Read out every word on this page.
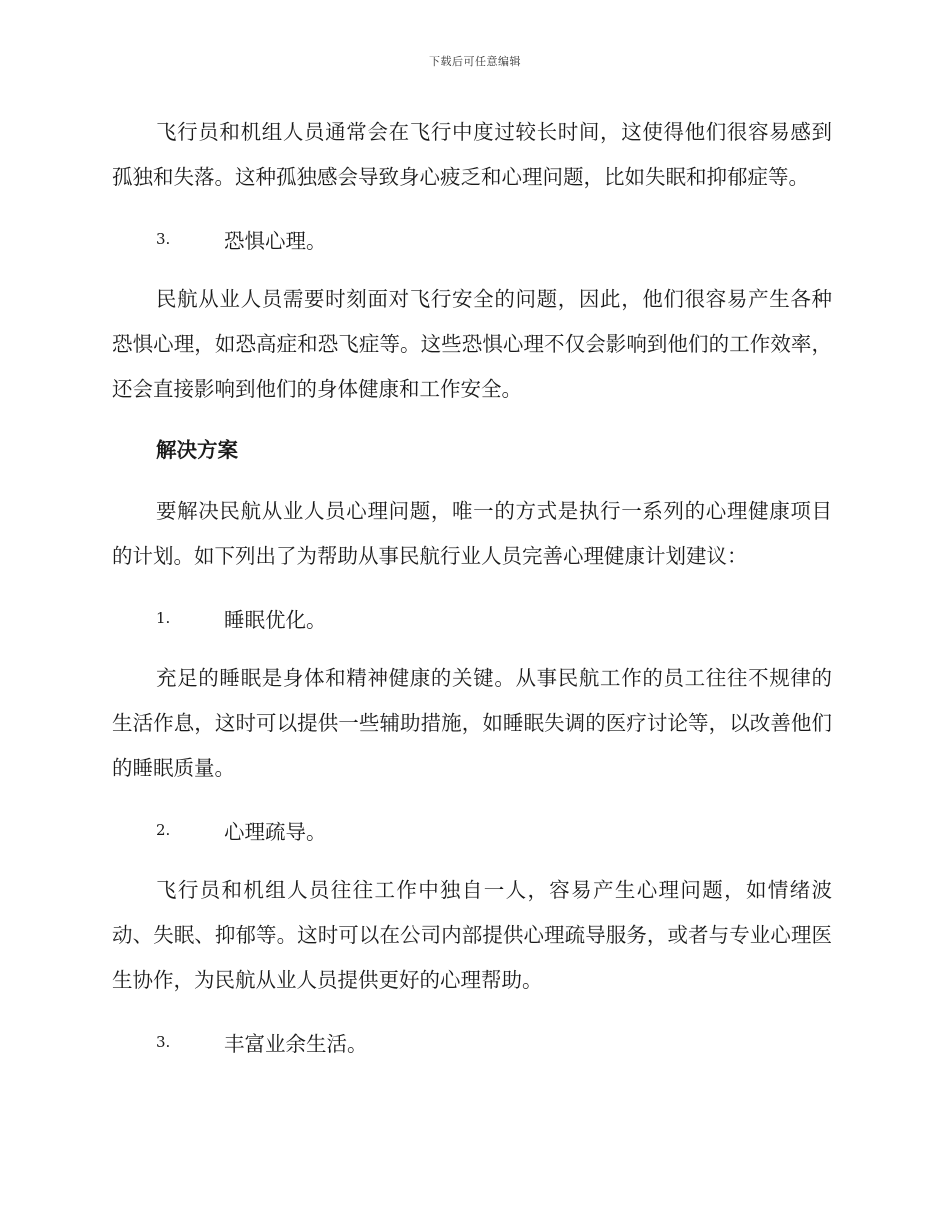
下载后可任意编辑

飞行员和机组人员通常会在飞行中度过较长时间，这使得他们很容易感到孤独和失落。这种孤独感会导致身心疲乏和心理问题，比如失眠和抑郁症等。

3.	恐惧心理。

民航从业人员需要时刻面对飞行安全的问题，因此，他们很容易产生各种恐惧心理，如恐高症和恐飞症等。这些恐惧心理不仅会影响到他们的工作效率，还会直接影响到他们的身体健康和工作安全。

解决方案

要解决民航从业人员心理问题，唯一的方式是执行一系列的心理健康项目的计划。如下列出了为帮助从事民航行业人员完善心理健康计划建议：

1.	睡眠优化。

充足的睡眠是身体和精神健康的关键。从事民航工作的员工往往不规律的生活作息，这时可以提供一些辅助措施，如睡眠失调的医疗讨论等，以改善他们的睡眠质量。

2.	心理疏导。

飞行员和机组人员往往工作中独自一人，容易产生心理问题，如情绪波动、失眠、抑郁等。这时可以在公司内部提供心理疏导服务，或者与专业心理医生协作，为民航从业人员提供更好的心理帮助。

3.	丰富业余生活。
